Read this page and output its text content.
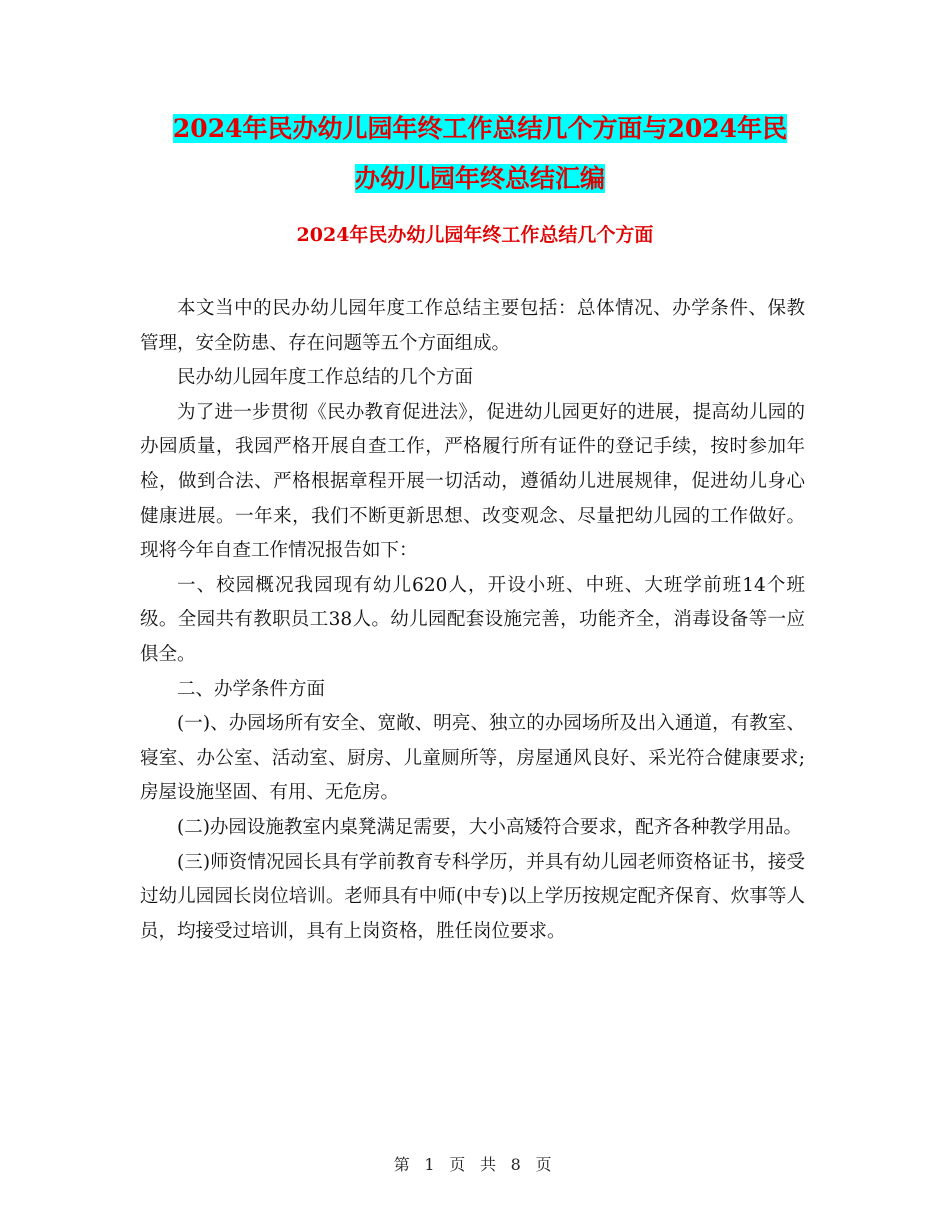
2024年民办幼儿园年终工作总结几个方面与2024年民
办幼儿园年终总结汇编
2024年民办幼儿园年终工作总结几个方面

本文当中的民办幼儿园年度工作总结主要包括：总体情况、办学条件、保教管理，安全防患、存在问题等五个方面组成。

民办幼儿园年度工作总结的几个方面

为了进一步贯彻《民办教育促进法》，促进幼儿园更好的进展，提高幼儿园的办园质量，我园严格开展自查工作，严格履行所有证件的登记手续，按时参加年检，做到合法、严格根据章程开展一切活动，遵循幼儿进展规律，促进幼儿身心健康进展。一年来，我们不断更新思想、改变观念、尽量把幼儿园的工作做好。现将今年自查工作情况报告如下：

一、校园概况我园现有幼儿620人，开设小班、中班、大班学前班14个班级。全园共有教职员工38人。幼儿园配套设施完善，功能齐全，消毒设备等一应俱全。

二、办学条件方面

(一)、办园场所有安全、宽敞、明亮、独立的办园场所及出入通道，有教室、寝室、办公室、活动室、厨房、儿童厕所等，房屋通风良好、采光符合健康要求;房屋设施坚固、有用、无危房。

(二)办园设施教室内桌凳满足需要，大小高矮符合要求，配齐各种教学用品。

(三)师资情况园长具有学前教育专科学历，并具有幼儿园老师资格证书，接受过幼儿园园长岗位培训。老师具有中师(中专)以上学历按规定配齐保育、炊事等人员，均接受过培训，具有上岗资格，胜任岗位要求。

第 1 页 共 8 页
